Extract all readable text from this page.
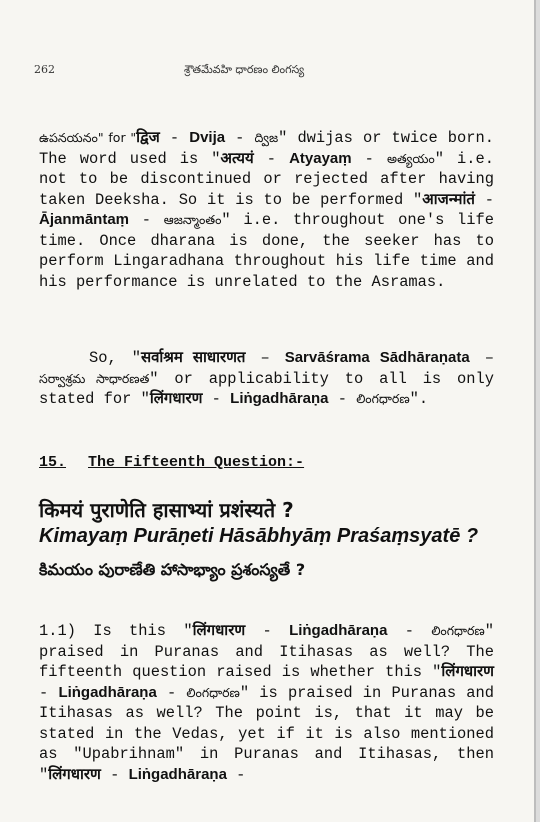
262	శ్రౌతమేవహి ధారణం లింగస్య

ఉపనయనం" for "द्विज - Dvija - ద్విజ" dwijas or twice born. The word used is "अत्ययं - Atyayaṃ - అత్యయం" i.e. not to be discontinued or rejected after having taken Deeksha. So it is to be performed "आजन्मांतं - Ājanmāntaṃ - ఆజన్మాంతం" i.e. throughout one's life time. Once dharana is done, the seeker has to perform Lingaradhana throughout his life time and his performance is unrelated to the Asramas.

So, "सर्वाश्रम साधारणत – Sarvāśrama Sādhāraṇata – సర్వాశ్రమ సాధారణత" or applicability to all is only stated for "लिंगधारण - Liṅgadhāraṇa - లింగధారణ".

15. The Fifteenth Question:-
किमयं पुराणेति हासाभ्यां प्रशंस्यते ?
Kimayaṃ Purāṇeti Hāsābhyāṃ Praśaṃsyatē ?
కిమయం పురాణేతి హాసాభ్యాం ప్రశంస్యతే ?

1.1) Is this "लिंगधारण - Liṅgadhāraṇa - లింగధారణ" praised in Puranas and Itihasas as well? The fifteenth question raised is whether this "लिंगधारण - Liṅgadhāraṇa - లింగధారణ" is praised in Puranas and Itihasas as well? The point is, that it may be stated in the Vedas, yet if it is also mentioned as "Upabrihnam" in Puranas and Itihasas, then "लिंगधारण - Liṅgadhāraṇa -
